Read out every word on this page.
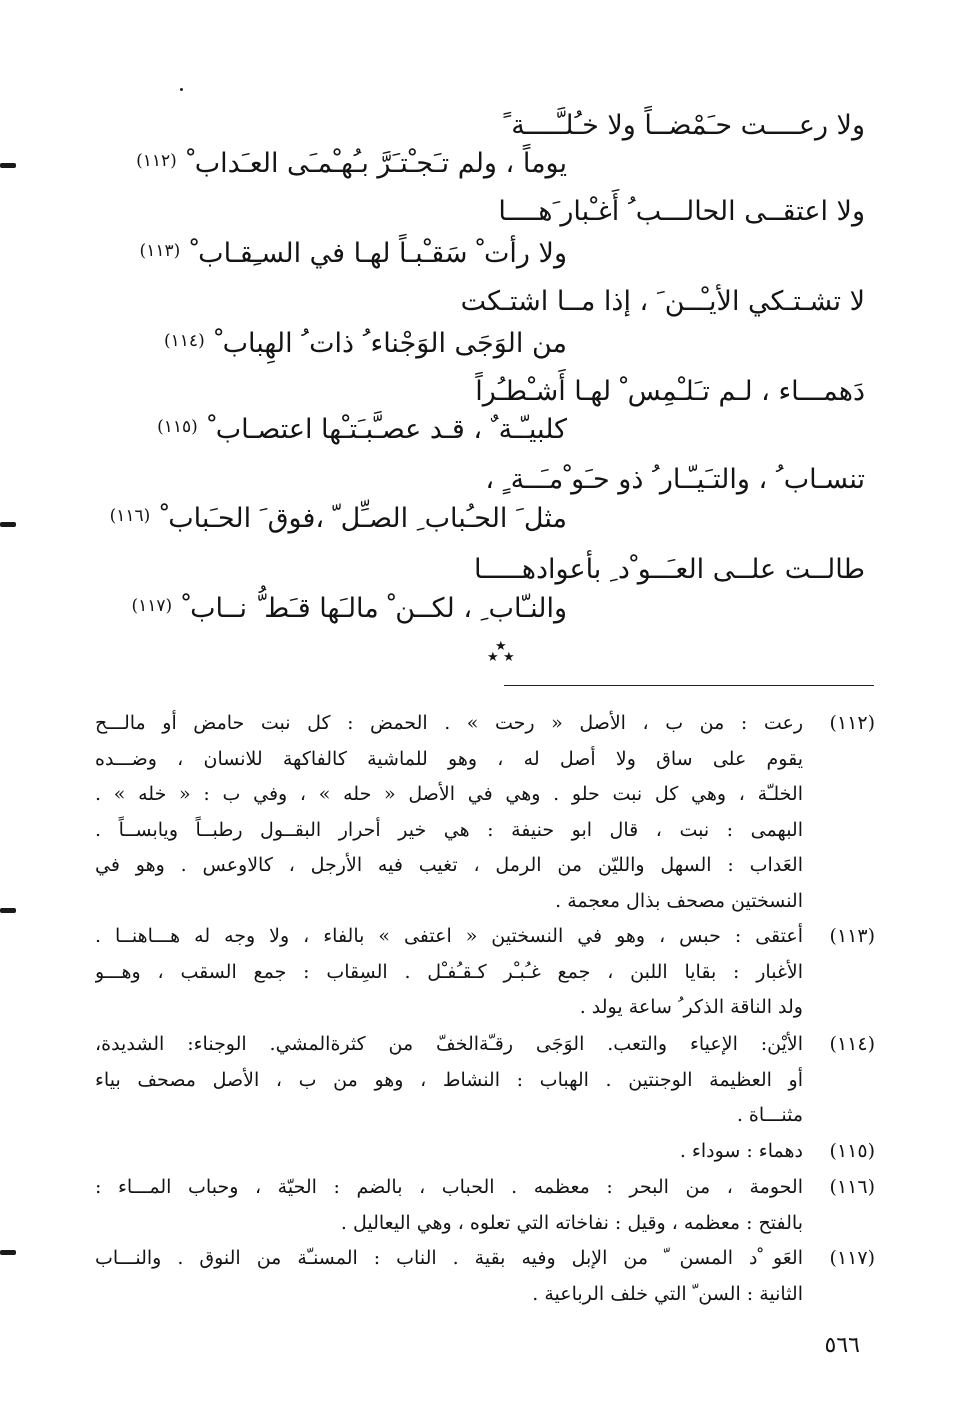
ولا رعــــت حـَمْضــاً ولا خـُلـَّــــة ً
يوماً ، ولم تـَجـْتـَرَّ بـُهـْمـَى العـَداب ْ$^{(١١٢)}$
ولا اعتقــى الحالـــب ُ أَغـْبار َهــــا
ولا رأت ْ سَقـْبـاً لهـا في السـِقـاب ْ$^{(١١٣)}$
لا تشـتـكي الأيـْــن َ ، إذا مــا اشتـكت
من الوَجَى الوَجْناء ُ ذات ُ الهِباب ْ$^{(١١٤)}$
دَهمـــاء ، لـم تـَلـْمِس ْ لهـا أَشـْطـُراً
كلبيـّـة ٌ ، قـد عصـَّبـَتـْها اعتصـاب ْ$^{(١١٥)}$
تنسـاب ُ ، والتـَيـّـار ُ ذو حـَو ْمـَــة ٍ ،
مثل َ الحـُباب ِ الصـِّل ّ ،فوق َ الحـَباب ْ$^{(١١٦)}$
طالــت علــى العـَــو ْد ِ بأعوادهـــــا
والنـّاب ِ ، لكــن ْ مالـَها قـَط ُّ نــاب ْ$^{(١١٧)}$
★
★ ★
(١١٢)
رعت : من ب ، الأصل « رحت » . الحمض : كل نبت حامض أو مالـــح
يقوم على ساق ولا أصل له ، وهو للماشية كالفاكهة للانسان ، وضـــده
الخلـّة ، وهي كل نبت حلو . وهي في الأصل « حله » ، وفي ب : « خله » .
البهمى : نبت ، قال ابو حنيفة : هي خير أحرار البقــول رطبــاً ويابســاً .
العَداب : السهل والليّن من الرمل ، تغيب فيه الأرجل ، كالاوعس . وهو في
النسختين مصحف بذال معجمة .
(١١٣)
أعتقى : حبس ، وهو في النسختين « اعتفى » بالفاء ، ولا وجه له هـــاهنــا .
الأغبار : بقايا اللبن ، جمع غـُبـْر كـقـُفـْل . السِقاب : جمع السقب ، وهـــو
ولد الناقة الذكر ُ ساعة يولد .
(١١٤)
الأيْن: الإعياء والتعب. الوَجَى رقـّةالخفّ من كثرةالمشي. الوجناء: الشديدة،
أو العظيمة الوجنتين . الهباب : النشاط ، وهو من ب ، الأصل مصحف بياء
مثنـــاة .
(١١٥)
دهماء : سوداء .
(١١٦)
الحومة ، من البحر : معظمه . الحباب ، بالضم : الحيّة ، وحباب المـــاء :
بالفتح : معظمه ، وقيل : نفاخاته التي تعلوه ، وهي اليعاليل .
(١١٧)
العَو ْد المسن ّ من الإبل وفيه بقية . الناب : المسنـّة من النوق . والنـــاب
الثانية : السن ّ التي خلف الرباعية .
٥٦٦
